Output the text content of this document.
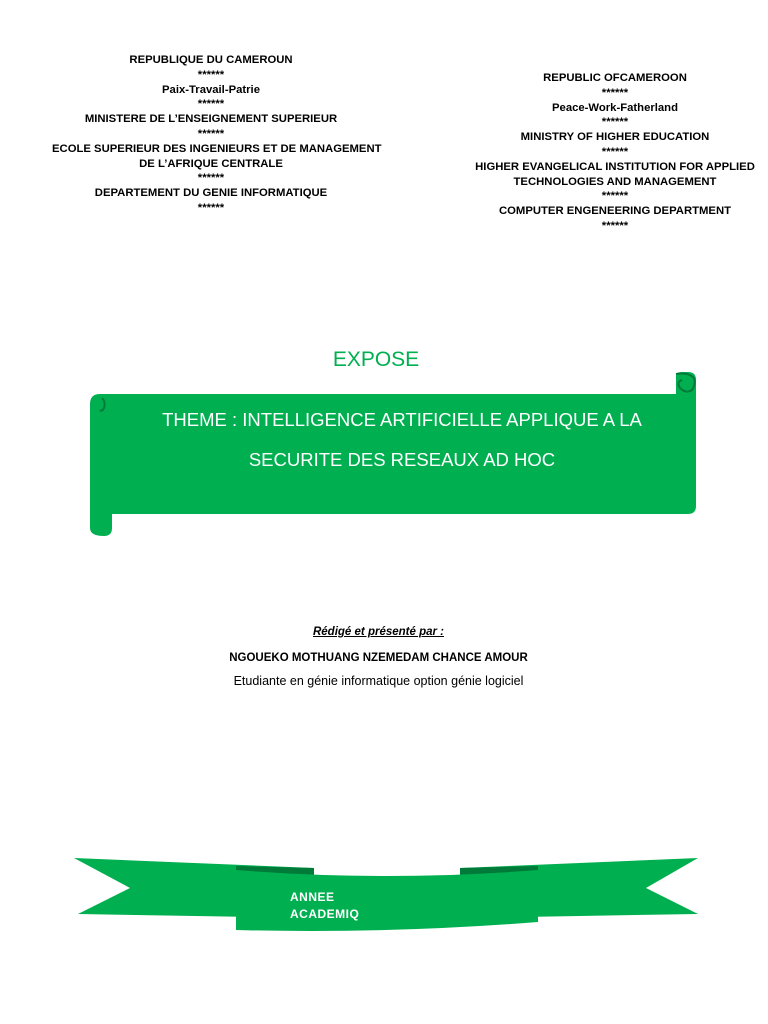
REPUBLIQUE DU CAMEROUN
******
Paix-Travail-Patrie
******
MINISTERE DE L’ENSEIGNEMENT SUPERIEUR
******
ECOLE SUPERIEUR DES INGENIEURS ET DE MANAGEMENT
DE L’AFRIQUE CENTRALE
******
DEPARTEMENT DU GENIE INFORMATIQUE
******
REPUBLIC OFCAMEROON
******
Peace-Work-Fatherland
******
MINISTRY OF HIGHER EDUCATION
******
HIGHER EVANGELICAL INSTITUTION FOR APPLIED TECHNOLOGIES AND MANAGEMENT
******
COMPUTER ENGENEERING DEPARTMENT
******
EXPOSE
THEME : INTELLIGENCE ARTIFICIELLE APPLIQUE A LA
SECURITE DES RESEAUX AD HOC
Rédigé et présenté par :
NGOUEKO MOTHUANG NZEMEDAM CHANCE AMOUR
Etudiante en génie informatique option génie logiciel
ANNEE
ACADEMIQ
